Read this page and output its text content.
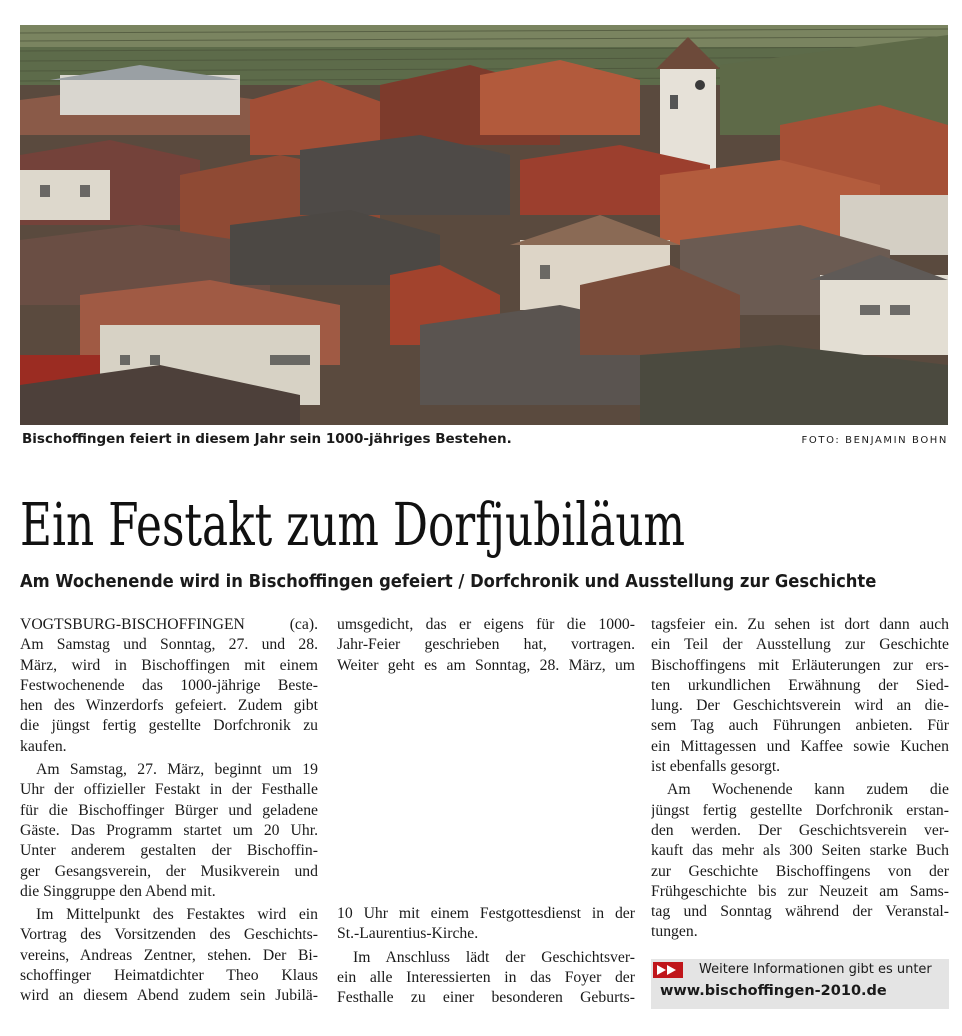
Bischoffingen feiert in diesem Jahr sein 1000-jähriges Bestehen.	FOTO: BENJAMIN BOHN
Ein Festakt zum Dorfjubiläum
Am Wochenende wird in Bischoffingen gefeiert / Dorfchronik und Ausstellung zur Geschichte
VOGTSBURG-BISCHOFFINGEN	(ca).

Am Samstag und Sonntag, 27. und 28.

März, wird in Bischoffingen mit einem

Festwochenende das 1000-jährige Beste-

hen des Winzerdorfs gefeiert. Zudem gibt

die jüngst fertig gestellte Dorfchronik zu

kaufen.

Am Samstag, 27. März, beginnt um 19

Uhr der offizieller Festakt in der Festhalle

für die Bischoffinger Bürger und geladene

Gäste. Das Programm startet um 20 Uhr.

Unter anderem gestalten der Bischoffin-

ger Gesangsverein, der Musikverein und

die Singgruppe den Abend mit.

Im Mittelpunkt des Festaktes wird ein

Vortrag des Vorsitzenden des Geschichts-

vereins, Andreas Zentner, stehen. Der Bi-

schoffinger Heimatdichter Theo Klaus

wird an diesem Abend zudem sein Jubilä-

umsgedicht, das er eigens für die 1000-

Jahr-Feier geschrieben hat, vortragen.

Weiter geht es am Sonntag, 28. März, um

10 Uhr mit einem Festgottesdienst in der

St.-Laurentius-Kirche.

Im Anschluss lädt der Geschichtsver-

ein alle Interessierten in das Foyer der

Festhalle zu einer besonderen Geburts-

tagsfeier ein. Zu sehen ist dort dann auch

ein Teil der Ausstellung zur Geschichte

Bischoffingens mit Erläuterungen zur ers-

ten urkundlichen Erwähnung der Sied-

lung. Der Geschichtsverein wird an die-

sem Tag auch Führungen anbieten. Für

ein Mittagessen und Kaffee sowie Kuchen

ist ebenfalls gesorgt.

Am Wochenende kann zudem die

jüngst fertig gestellte Dorfchronik erstan-

den werden. Der Geschichtsverein ver-

kauft das mehr als 300 Seiten starke Buch

zur Geschichte Bischoffingens von der

Frühgeschichte bis zur Neuzeit am Sams-

tag und Sonntag während der Veranstal-

tungen.

Weitere Informationen gibt es unter
www.bischoffingen-2010.de
